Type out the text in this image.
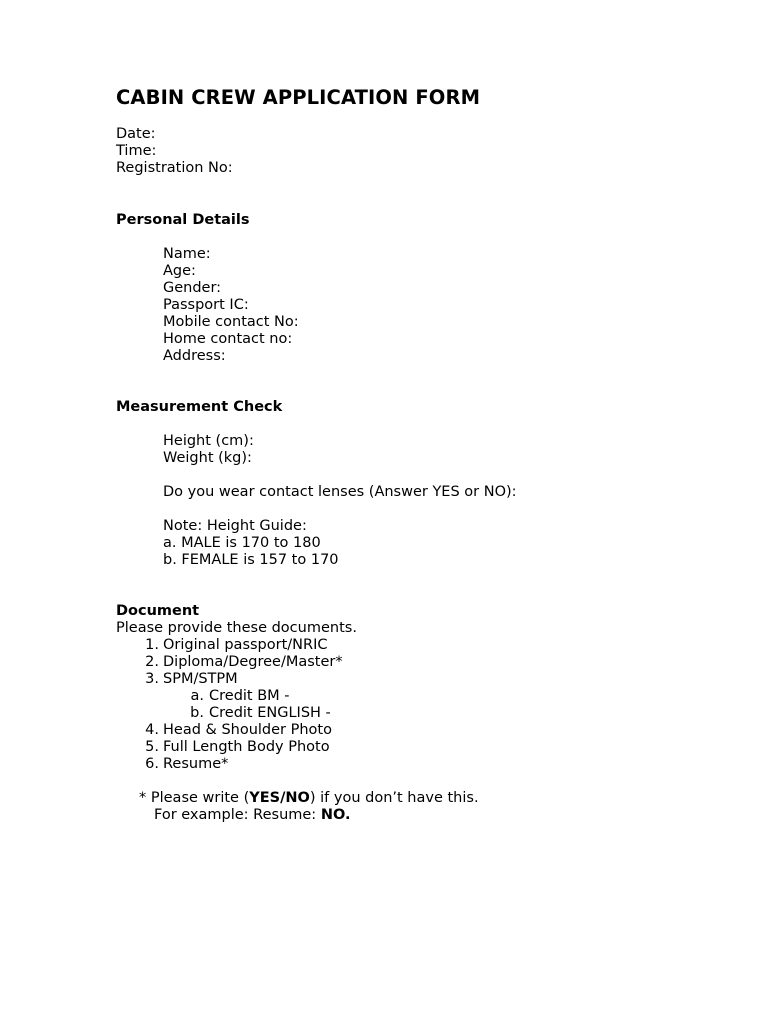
CABIN CREW APPLICATION FORM
Date:
Time:
Registration No:
Personal Details
Name:
Age:
Gender:
Passport IC:
Mobile contact No:
Home contact no:
Address:
Measurement Check
Height (cm):
Weight (kg):
Do you wear contact lenses (Answer YES or NO):
Note: Height Guide:
a. MALE is 170 to 180
b. FEMALE is 157 to 170
Document
Please provide these documents.
1. Original passport/NRIC
2. Diploma/Degree/Master*
3. SPM/STPM
a. Credit BM -
b. Credit ENGLISH -
4. Head & Shoulder Photo
5. Full Length Body Photo
6. Resume*
* Please write (YES/NO) if you don’t have this.
For example: Resume: NO.
